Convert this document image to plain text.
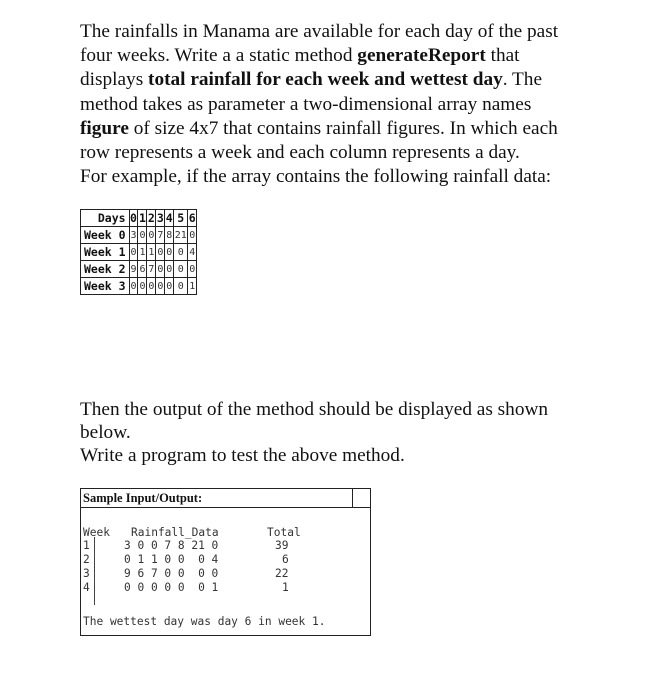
The rainfalls in Manama are available for each day of the past
four weeks. Write a a static method generateReport that
displays total rainfall for each week and wettest day. The
method takes as parameter a two-dimensional array names
figure of size 4x7 that contains rainfall figures. In which each
row represents a week and each column represents a day.
For example, if the array contains the following rainfall data:
Days	0	1	2	3	4	5	6
Week 0	3	0	0	7	8	21	0
Week 1	0	1	1	0	0	0	4
Week 2	9	6	7	0	0	0	0
Week 3	0	0	0	0	0	0	1
Then the output of the method should be displayed as shown
below.
Write a program to test the above method.
Sample Input/Output:
Week Rainfall_Data	Total
1	3 0 0 7 8 21 0	39
2	0 1 1 0 0  0 4	6
3	9 6 7 0 0  0 0	22
4	0 0 0 0 0  0 1	1
The wettest day was day 6 in week 1.
